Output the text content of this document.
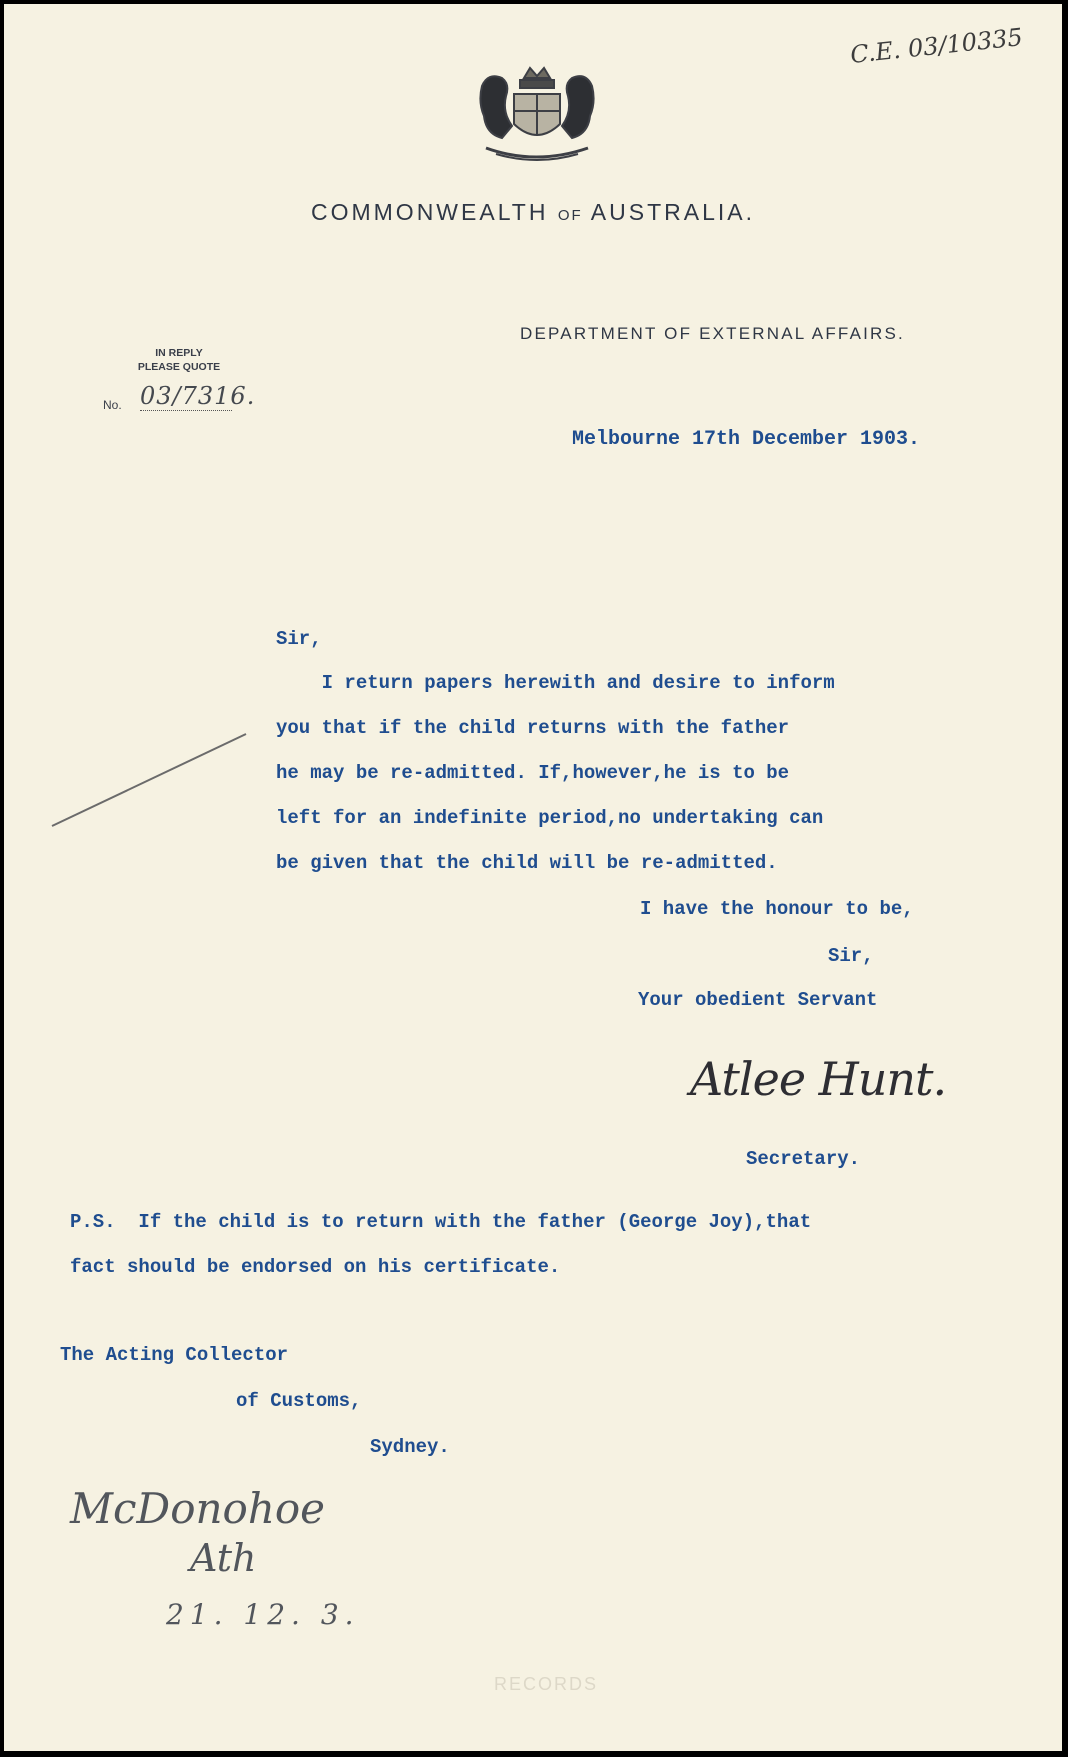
COMMONWEALTH OF AUSTRALIA.
DEPARTMENT OF EXTERNAL AFFAIRS.
IN REPLY
PLEASE QUOTE
No. 03/7316.
C.E. 03/10335
Melbourne 17th December 1903.
Sir,
I return papers herewith and desire to inform
you that if the child returns with the father
he may be re-admitted. If,however,he is to be
left for an indefinite period,no undertaking can
be given that the child will be re-admitted.
I have the honour to be,
Sir,
Your obedient Servant
Atlee Hunt.
Secretary.
P.S.  If the child is to return with the father (George Joy),that
fact should be endorsed on his certificate.
The Acting Collector
of Customs,
Sydney.
McDonohoe
Ath
21. 12. 3.
RECORDS
